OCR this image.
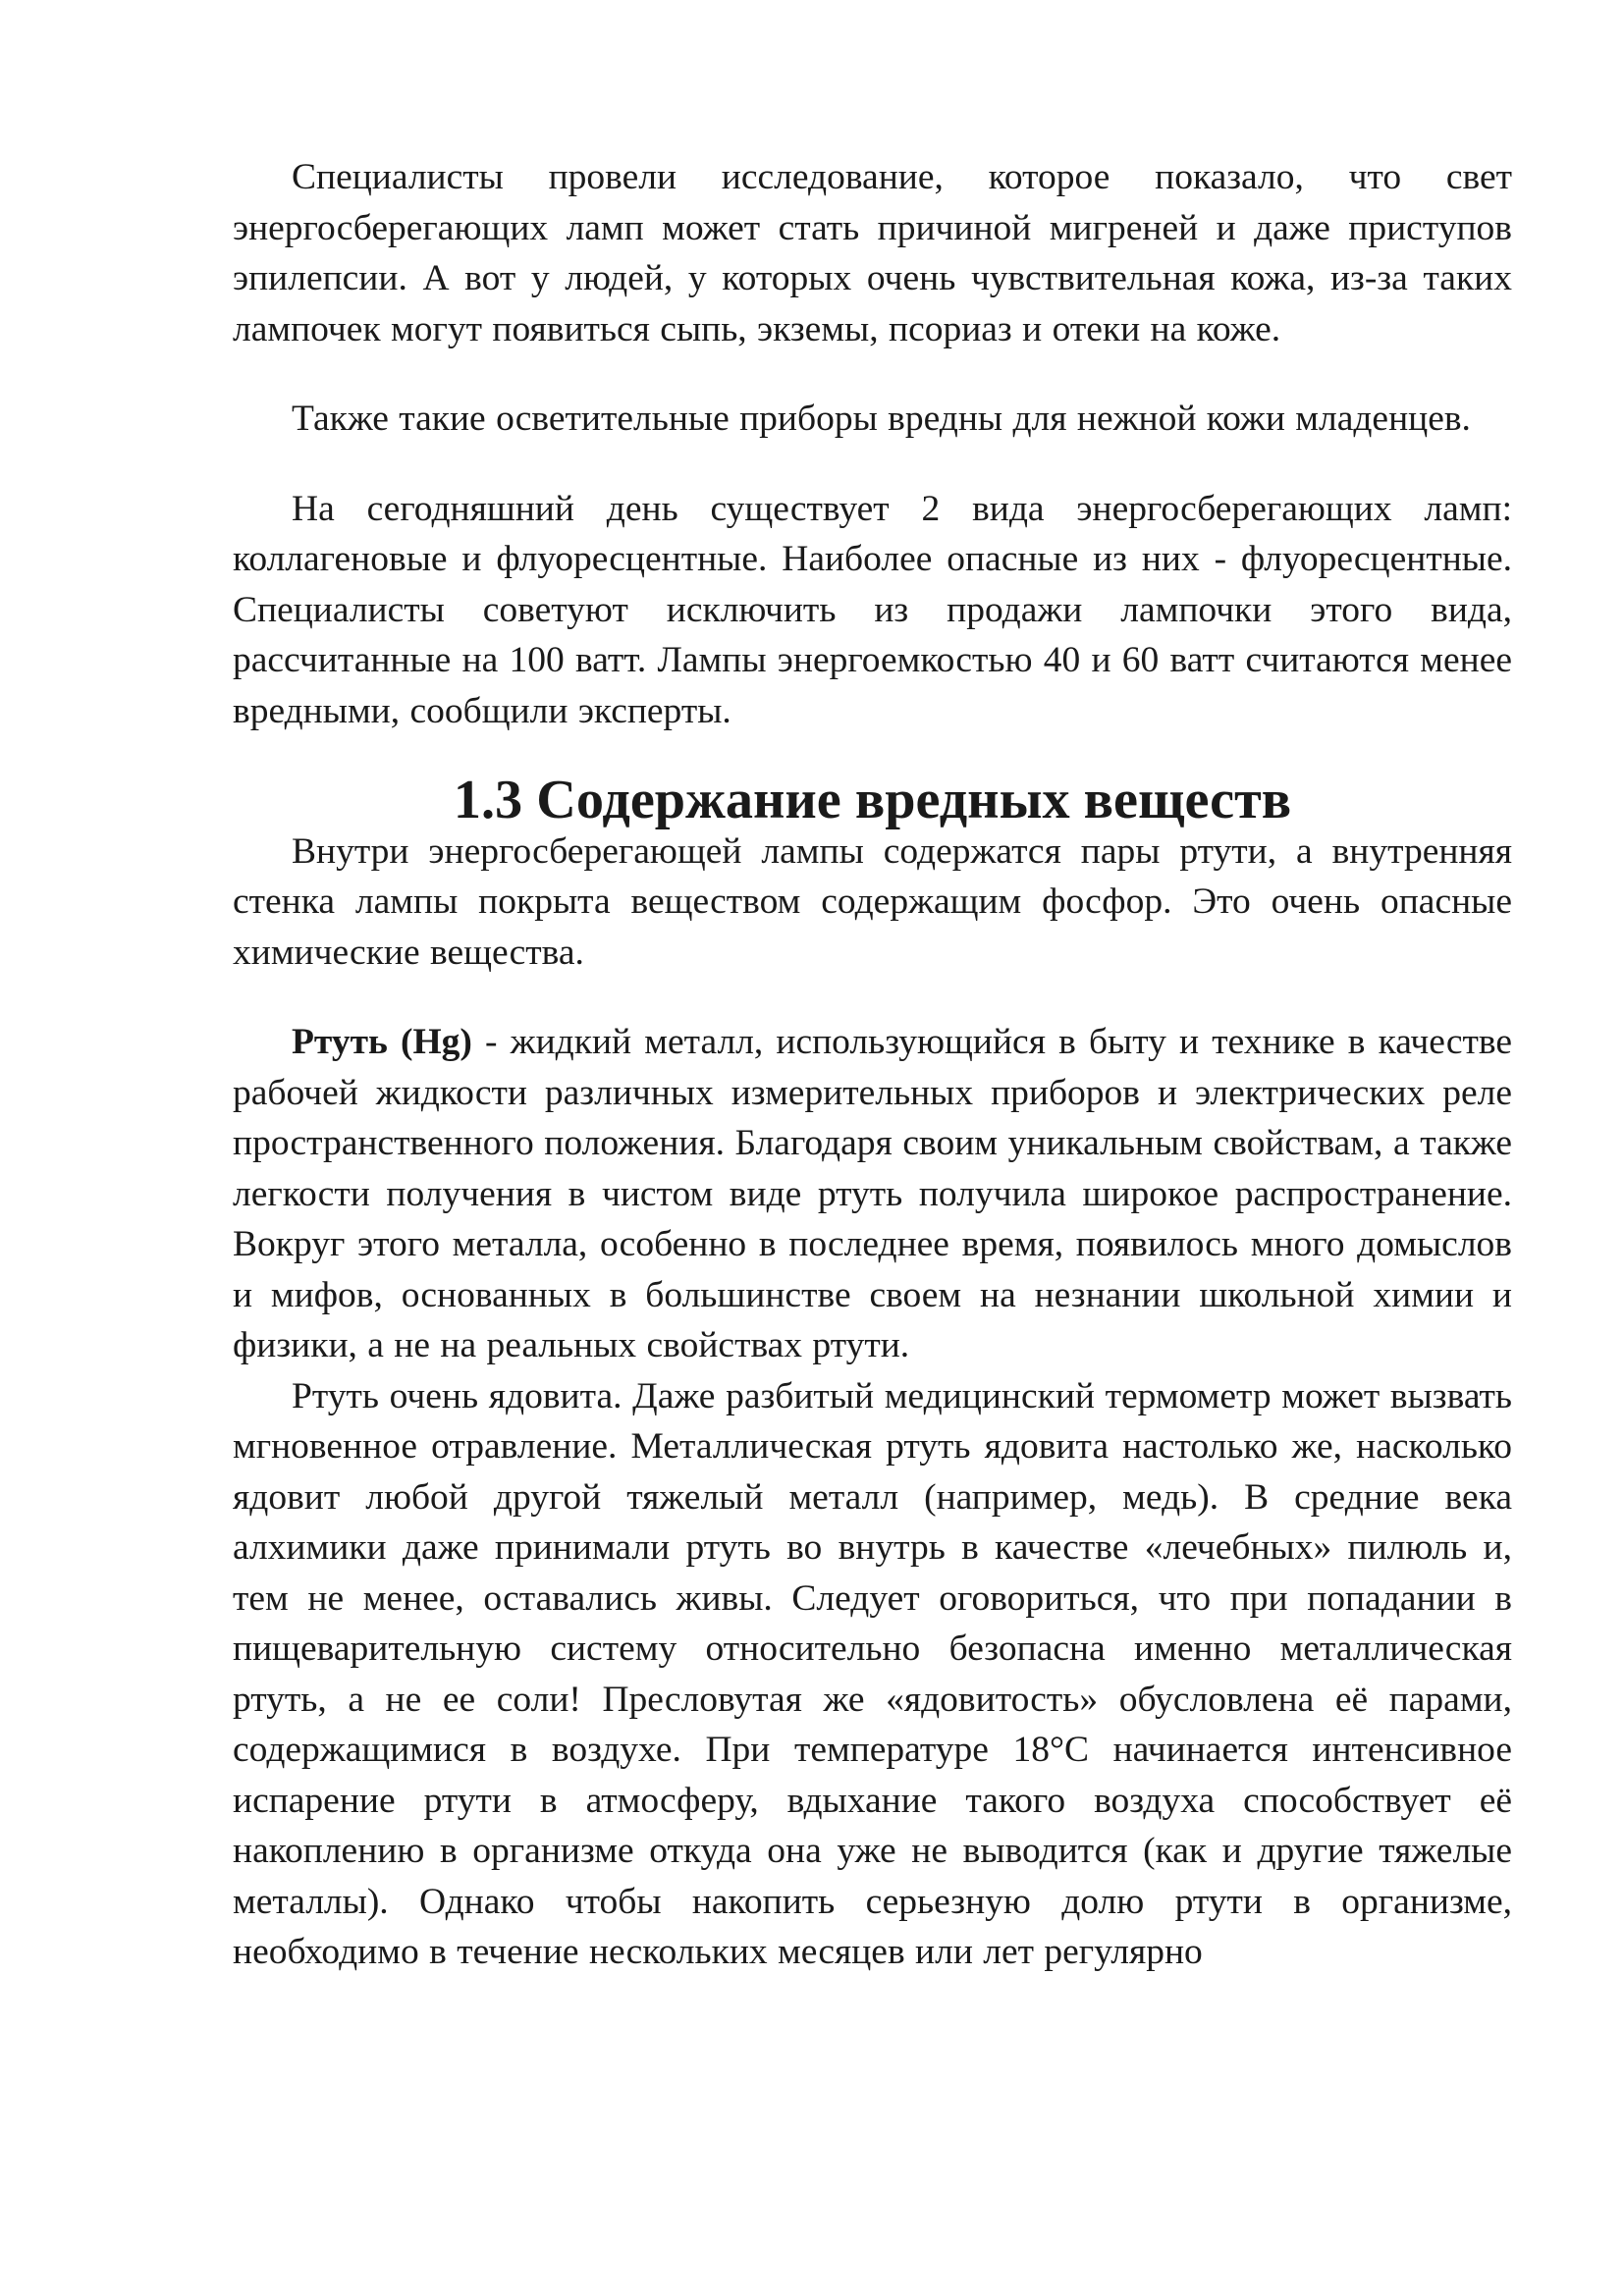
Специалисты провели исследование, которое показало, что свет энергосберегающих ламп может стать причиной мигреней и даже приступов эпилепсии. А вот у людей, у которых очень чувствительная кожа, из-за таких лампочек могут появиться сыпь, экземы, псориаз и отеки на коже.

Также такие осветительные приборы вредны для нежной кожи младенцев.

На сегодняшний день существует 2 вида энергосберегающих ламп: коллагеновые и флуоресцентные. Наиболее опасные из них - флуоресцентные. Специалисты советуют исключить из продажи лампочки этого вида, рассчитанные на 100 ватт. Лампы энергоемкостью 40 и 60 ватт считаются менее вредными, сообщили эксперты.

1.3 Содержание вредных веществ

Внутри энергосберегающей лампы содержатся пары ртути, а внутренняя стенка лампы покрыта веществом содержащим фосфор. Это очень опасные химические вещества.

Ртуть (Hg) - жидкий металл, использующийся в быту и технике в качестве рабочей жидкости различных измерительных приборов и электрических реле пространственного положения. Благодаря своим уникальным свойствам, а также легкости получения в чистом виде ртуть получила широкое распространение. Вокруг этого металла, особенно в последнее время, появилось много домыслов и мифов, основанных в большинстве своем на незнании школьной химии и физики, а не на реальных свойствах ртути.

Ртуть очень ядовита. Даже разбитый медицинский термометр может вызвать мгновенное отравление. Металлическая ртуть ядовита настолько же, насколько ядовит любой другой тяжелый металл (например, медь). В средние века алхимики даже принимали ртуть во внутрь в качестве «лечебных» пилюль и, тем не менее, оставались живы. Следует оговориться, что при попадании в пищеварительную систему относительно безопасна именно металлическая ртуть, а не ее соли! Пресловутая же «ядовитость» обусловлена её парами, содержащимися в воздухе. При температуре 18°С начинается интенсивное испарение ртути в атмосферу, вдыхание такого воздуха способствует её накоплению в организме откуда она уже не выводится (как и другие тяжелые металлы). Однако чтобы накопить серьезную долю ртути в организме, необходимо в течение нескольких месяцев или лет регулярно
